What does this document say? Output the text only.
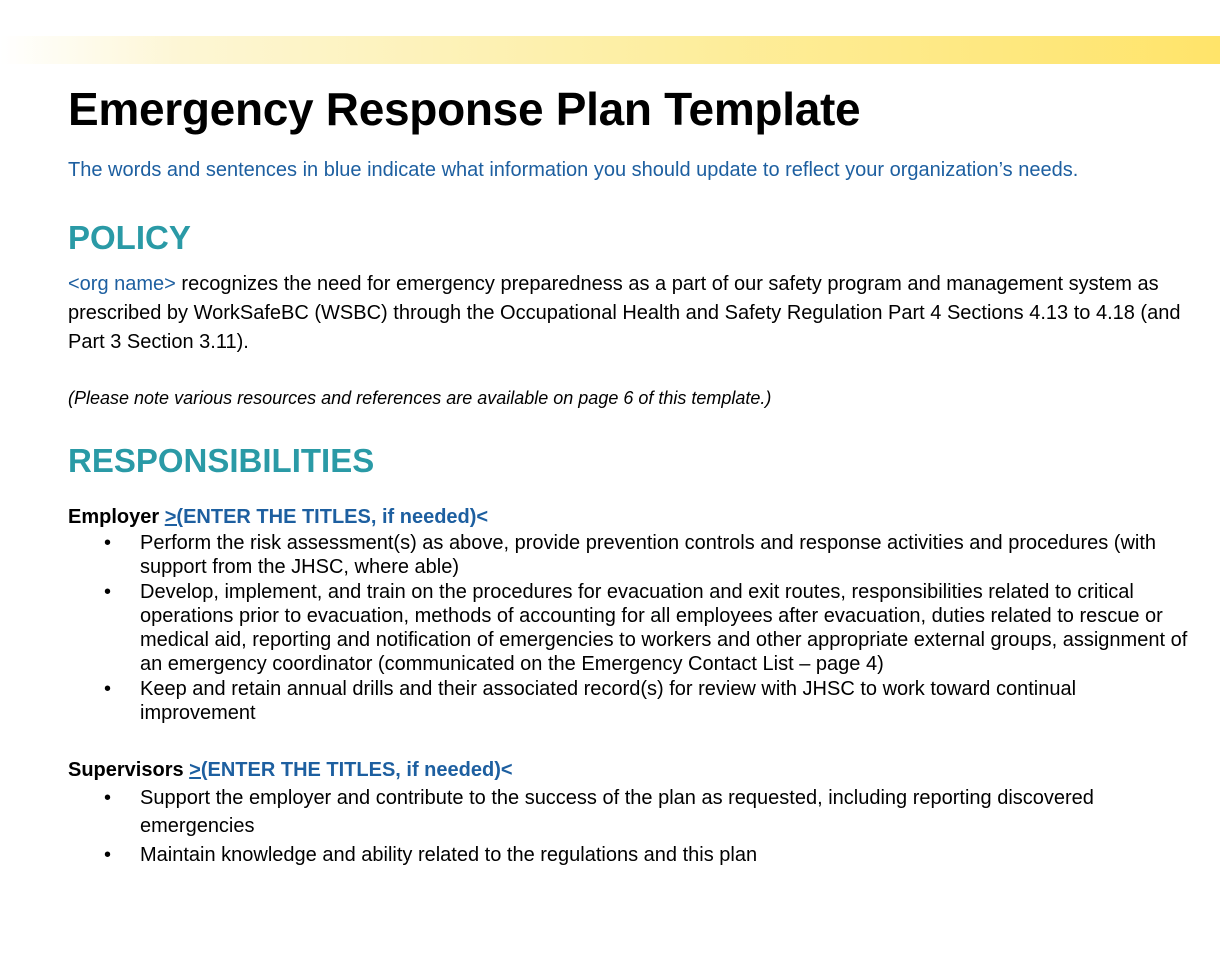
Emergency Response Plan Template

The words and sentences in blue indicate what information you should update to reflect your organization’s needs.

POLICY

<org name> recognizes the need for emergency preparedness as a part of our safety program and management system as prescribed by WorkSafeBC (WSBC) through the Occupational Health and Safety Regulation Part 4 Sections 4.13 to 4.18 (and Part 3 Section 3.11).

(Please note various resources and references are available on page 6 of this template.)

RESPONSIBILITIES

Employer >(ENTER THE TITLES, if needed)<

• Perform the risk assessment(s) as above, provide prevention controls and response activities and procedures (with support from the JHSC, where able)
• Develop, implement, and train on the procedures for evacuation and exit routes, responsibilities related to critical operations prior to evacuation, methods of accounting for all employees after evacuation, duties related to rescue or medical aid, reporting and notification of emergencies to workers and other appropriate external groups, assignment of an emergency coordinator (communicated on the Emergency Contact List – page 4)
• Keep and retain annual drills and their associated record(s) for review with JHSC to work toward continual improvement

Supervisors >(ENTER THE TITLES, if needed)<

• Support the employer and contribute to the success of the plan as requested, including reporting discovered emergencies
• Maintain knowledge and ability related to the regulations and this plan
